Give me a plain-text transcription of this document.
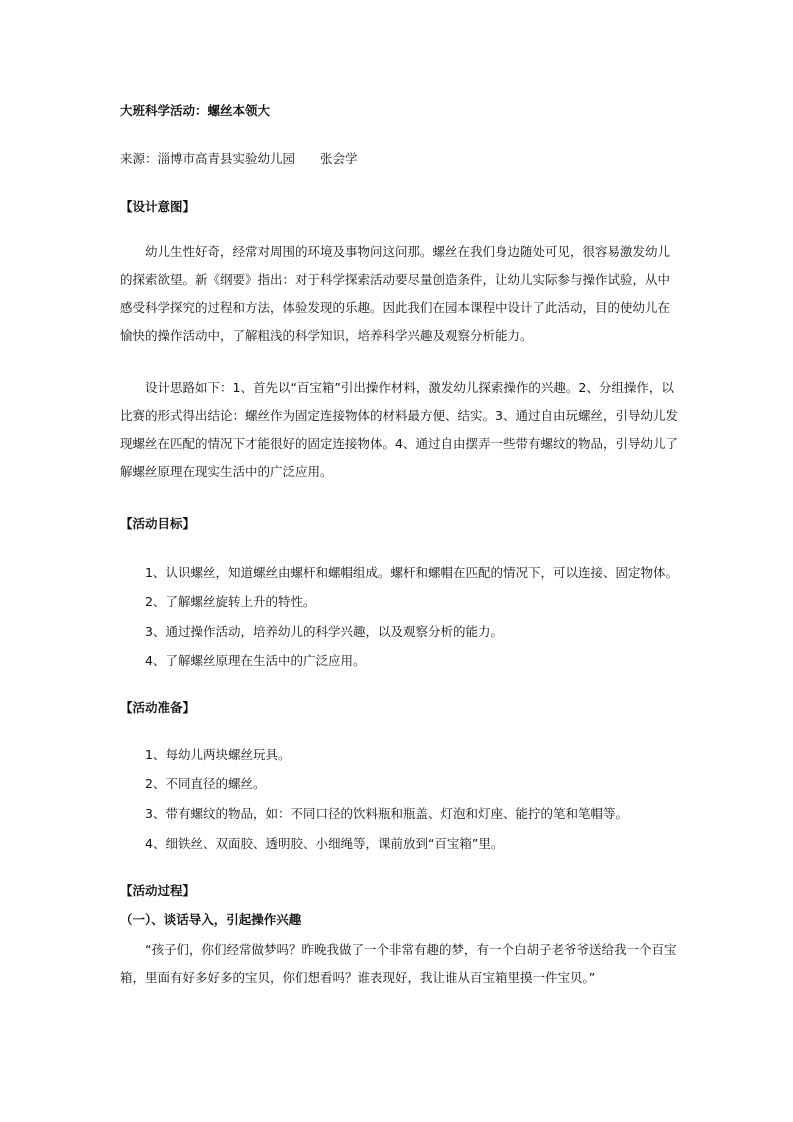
大班科学活动：螺丝本领大
来源：淄博市高青县实验幼儿园　　张会学
【设计意图】
幼儿生性好奇，经常对周围的环境及事物问这问那。螺丝在我们身边随处可见，很容易激发幼儿的探索欲望。新《纲要》指出：对于科学探索活动要尽量创造条件，让幼儿实际参与操作试验，从中感受科学探究的过程和方法，体验发现的乐趣。因此我们在园本课程中设计了此活动，目的使幼儿在愉快的操作活动中，了解粗浅的科学知识，培养科学兴趣及观察分析能力。
设计思路如下：1、首先以“百宝箱”引出操作材料，激发幼儿探索操作的兴趣。2、分组操作，以比赛的形式得出结论：螺丝作为固定连接物体的材料最方便、结实。3、通过自由玩螺丝，引导幼儿发现螺丝在匹配的情况下才能很好的固定连接物体。4、通过自由摆弄一些带有螺纹的物品，引导幼儿了解螺丝原理在现实生活中的广泛应用。
【活动目标】
1、认识螺丝，知道螺丝由螺杆和螺帽组成。螺杆和螺帽在匹配的情况下，可以连接、固定物体。
2、了解螺丝旋转上升的特性。
3、通过操作活动，培养幼儿的科学兴趣，以及观察分析的能力。
4、了解螺丝原理在生活中的广泛应用。
【活动准备】
1、每幼儿两块螺丝玩具。
2、不同直径的螺丝。
3、带有螺纹的物品，如：不同口径的饮料瓶和瓶盖、灯泡和灯座、能拧的笔和笔帽等。
4、细铁丝、双面胶、透明胶、小细绳等，课前放到“百宝箱”里。
【活动过程】
（一）、谈话导入，引起操作兴趣
“孩子们，你们经常做梦吗？昨晚我做了一个非常有趣的梦，有一个白胡子老爷爷送给我一个百宝箱，里面有好多好多的宝贝，你们想看吗？谁表现好，我让谁从百宝箱里摸一件宝贝。”
